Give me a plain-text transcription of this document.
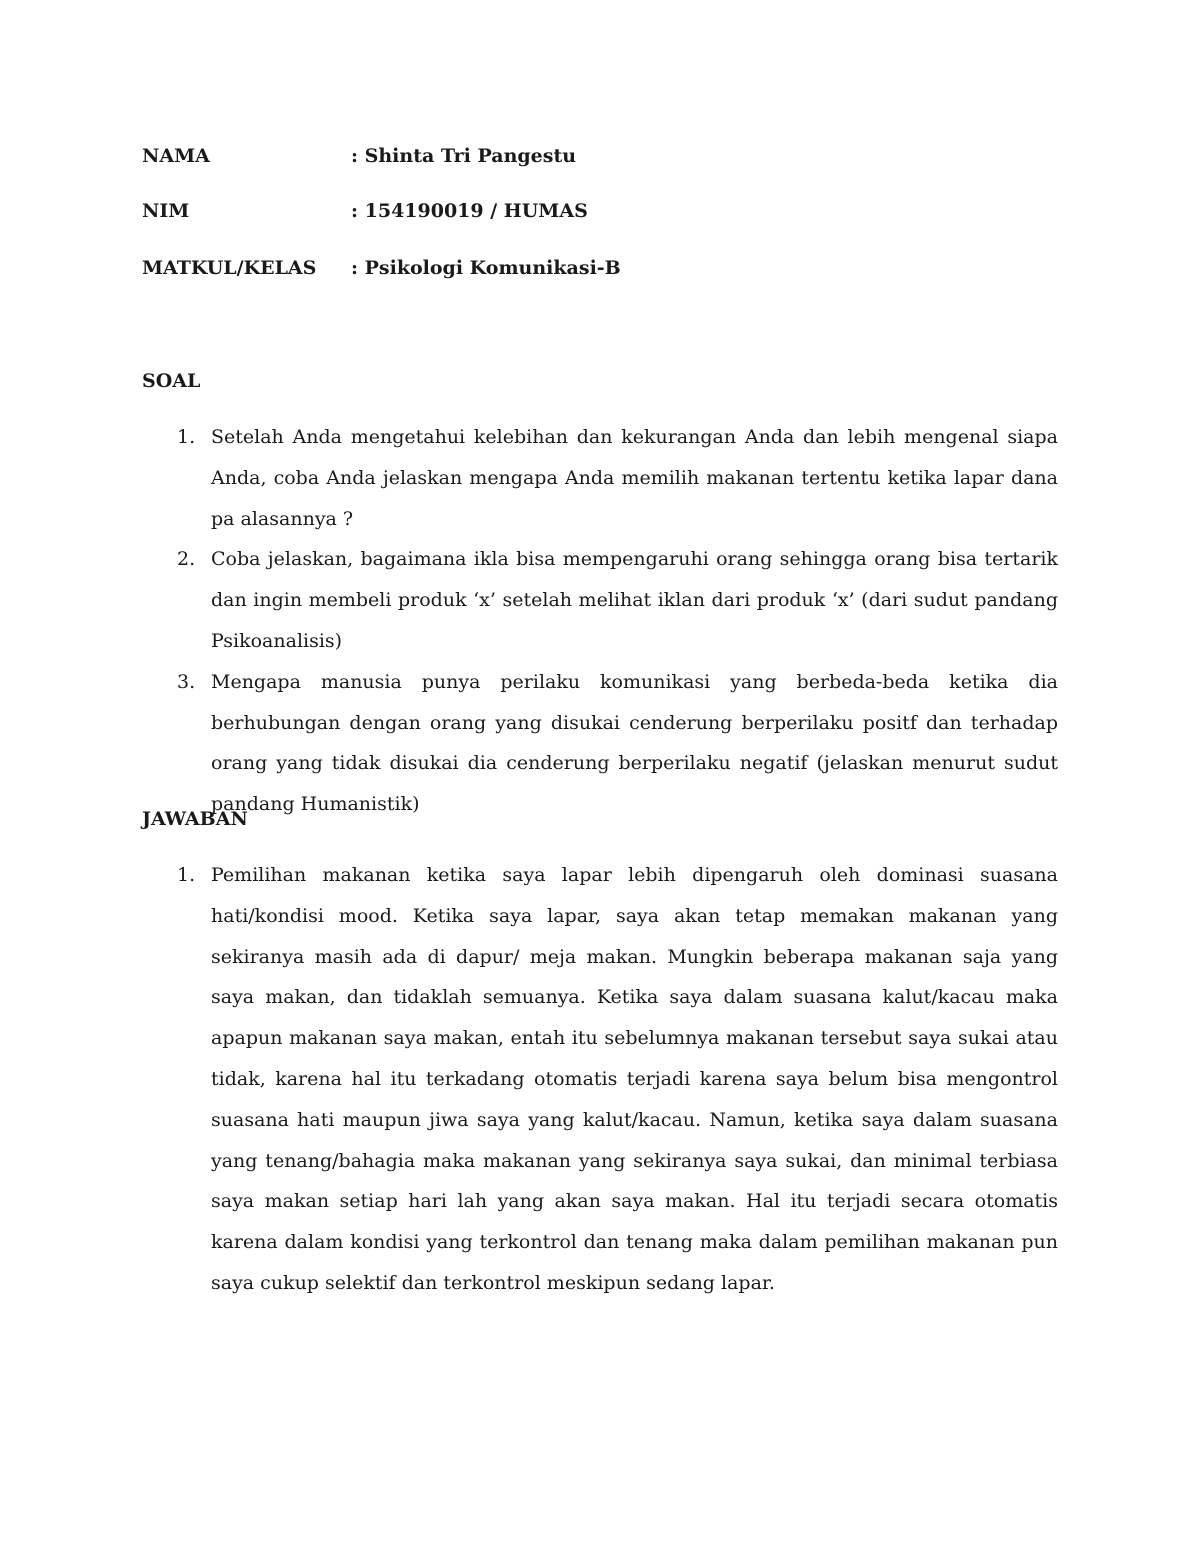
NAMA	: Shinta Tri Pangestu
NIM	: 154190019 / HUMAS
MATKUL/KELAS : Psikologi Komunikasi-B
SOAL
1. Setelah Anda mengetahui kelebihan dan kekurangan Anda dan lebih mengenal siapa Anda, coba Anda jelaskan mengapa Anda memilih makanan tertentu ketika lapar dana pa alasannya ?
2. Coba jelaskan, bagaimana ikla bisa mempengaruhi orang sehingga orang bisa tertarik dan ingin membeli produk ‘x’ setelah melihat iklan dari produk ‘x’ (dari sudut pandang Psikoanalisis)
3. Mengapa manusia punya perilaku komunikasi yang berbeda-beda ketika dia berhubungan dengan orang yang disukai cenderung berperilaku positf dan terhadap orang yang tidak disukai dia cenderung berperilaku negatif (jelaskan menurut sudut pandang Humanistik)
JAWABAN
1. Pemilihan makanan ketika saya lapar lebih dipengaruh oleh dominasi suasana hati/kondisi mood. Ketika saya lapar, saya akan tetap memakan makanan yang sekiranya masih ada di dapur/ meja makan. Mungkin beberapa makanan saja yang saya makan, dan tidaklah semuanya. Ketika saya dalam suasana kalut/kacau maka apapun makanan saya makan, entah itu sebelumnya makanan tersebut saya sukai atau tidak, karena hal itu terkadang otomatis terjadi karena saya belum bisa mengontrol suasana hati maupun jiwa saya yang kalut/kacau. Namun, ketika saya dalam suasana yang tenang/bahagia maka makanan yang sekiranya saya sukai, dan minimal terbiasa saya makan setiap hari lah yang akan saya makan. Hal itu terjadi secara otomatis karena dalam kondisi yang terkontrol dan tenang maka dalam pemilihan makanan pun saya cukup selektif dan terkontrol meskipun sedang lapar.
